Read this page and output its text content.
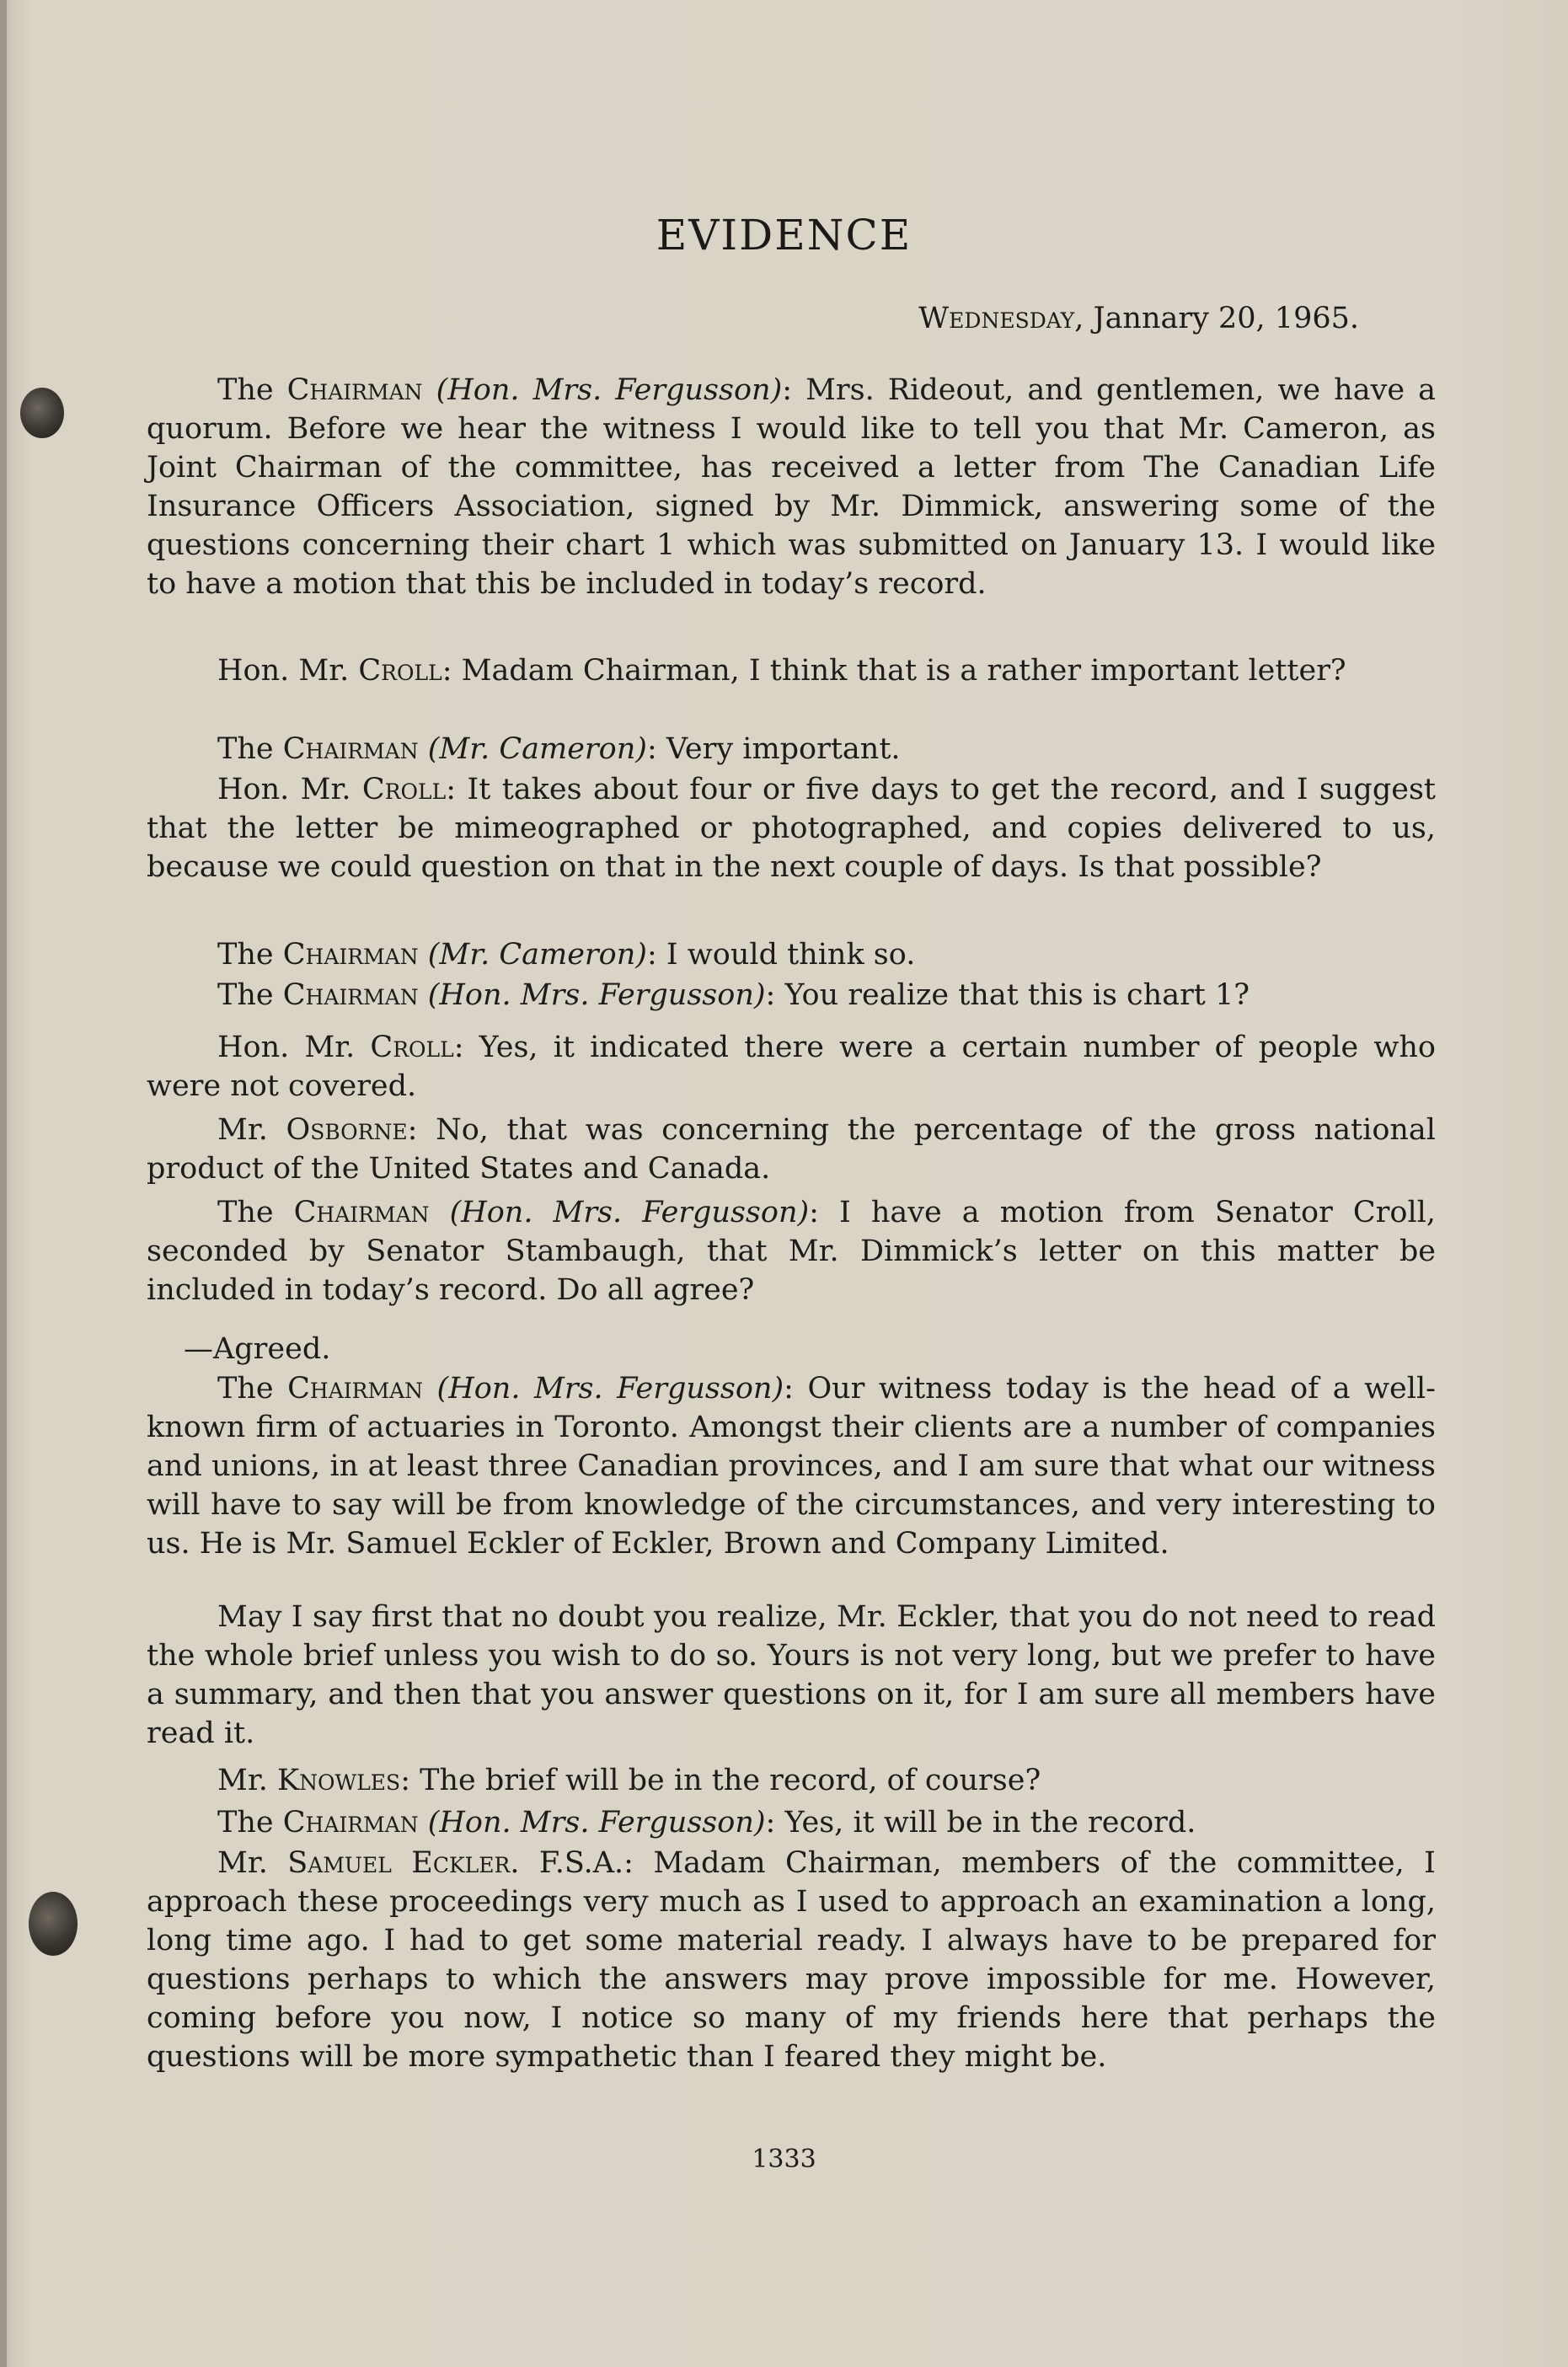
EVIDENCE
Wednesday, Jannary 20, 1965.
The Chairman (Hon. Mrs. Fergusson): Mrs. Rideout, and gentlemen, we have a quorum. Before we hear the witness I would like to tell you that Mr. Cameron, as Joint Chairman of the committee, has received a letter from The Canadian Life Insurance Officers Association, signed by Mr. Dimmick, answering some of the questions concerning their chart 1 which was submitted on January 13. I would like to have a motion that this be included in today’s record.
Hon. Mr. Croll: Madam Chairman, I think that is a rather important letter?
The Chairman (Mr. Cameron): Very important.
Hon. Mr. Croll: It takes about four or five days to get the record, and I suggest that the letter be mimeographed or photographed, and copies delivered to us, because we could question on that in the next couple of days. Is that possible?
The Chairman (Mr. Cameron): I would think so.
The Chairman (Hon. Mrs. Fergusson): You realize that this is chart 1?
Hon. Mr. Croll: Yes, it indicated there were a certain number of people who were not covered.
Mr. Osborne: No, that was concerning the percentage of the gross national product of the United States and Canada.
The Chairman (Hon. Mrs. Fergusson): I have a motion from Senator Croll, seconded by Senator Stambaugh, that Mr. Dimmick’s letter on this matter be included in today’s record. Do all agree?
—Agreed.
The Chairman (Hon. Mrs. Fergusson): Our witness today is the head of a well-known firm of actuaries in Toronto. Amongst their clients are a number of companies and unions, in at least three Canadian provinces, and I am sure that what our witness will have to say will be from knowledge of the circumstances, and very interesting to us. He is Mr. Samuel Eckler of Eckler, Brown and Company Limited.
May I say first that no doubt you realize, Mr. Eckler, that you do not need to read the whole brief unless you wish to do so. Yours is not very long, but we prefer to have a summary, and then that you answer questions on it, for I am sure all members have read it.
Mr. Knowles: The brief will be in the record, of course?
The Chairman (Hon. Mrs. Fergusson): Yes, it will be in the record.
Mr. Samuel Eckler. F.S.A.: Madam Chairman, members of the committee, I approach these proceedings very much as I used to approach an examination a long, long time ago. I had to get some material ready. I always have to be prepared for questions perhaps to which the answers may prove impossible for me. However, coming before you now, I notice so many of my friends here that perhaps the questions will be more sympathetic than I feared they might be.
1333
